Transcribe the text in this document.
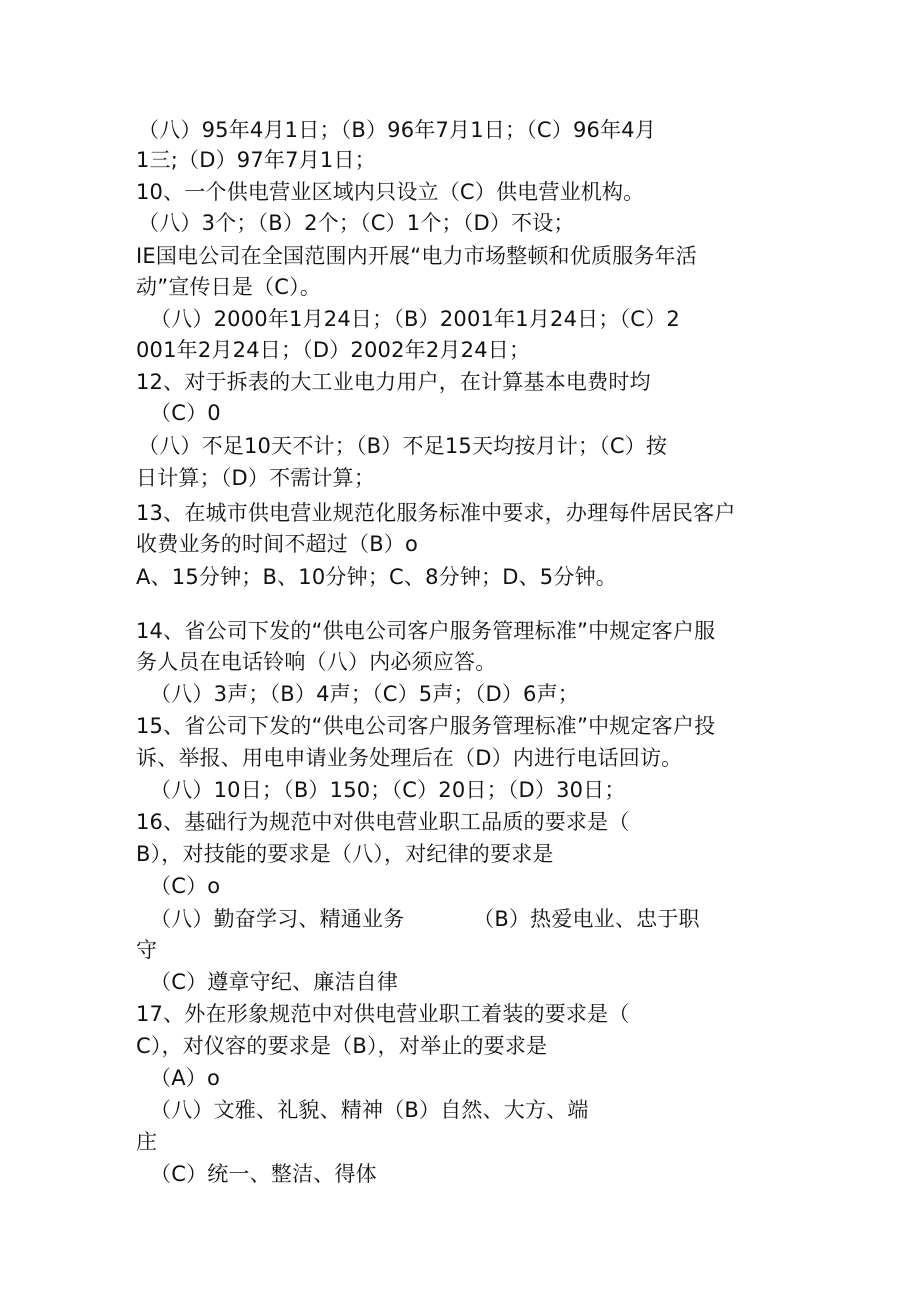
（八）95年4月1日；（B）96年7月1日；（C）96年4月
1三;（D）97年7月1日；
10、一个供电营业区域内只设立（C）供电营业机构。
（八）3个；（B）2个；（C）1个；（D）不设；
IE国电公司在全国范围内开展“电力市场整顿和优质服务年活
动”宣传日是（C）。
（八）2000年1月24日；（B）2001年1月24日；（C）2
001年2月24日；（D）2002年2月24日；
12、对于拆表的大工业电力用户，在计算基本电费时均
（C）0
（八）不足10天不计；（B）不足15天均按月计；（C）按
日计算；（D）不需计算；
13、在城市供电营业规范化服务标准中要求，办理每件居民客户
收费业务的时间不超过（B）o
A、15分钟；B、10分钟；C、8分钟；D、5分钟。
14、省公司下发的“供电公司客户服务管理标准”中规定客户服
务人员在电话铃响（八）内必须应答。
（八）3声；（B）4声；（C）5声；（D）6声；
15、省公司下发的“供电公司客户服务管理标准”中规定客户投
诉、举报、用电申请业务处理后在（D）内进行电话回访。
（八）10日；（B）150；（C）20日；（D）30日；
16、基础行为规范中对供电营业职工品质的要求是（
B），对技能的要求是（八），对纪律的要求是
（C）o
（八）勤奋学习、精通业务          （B）热爱电业、忠于职
守
（C）遵章守纪、廉洁自律
17、外在形象规范中对供电营业职工着装的要求是（
C），对仪容的要求是（B），对举止的要求是
（A）o
（八）文雅、礼貌、精神（B）自然、大方、端
庄
（C）统一、整洁、得体
